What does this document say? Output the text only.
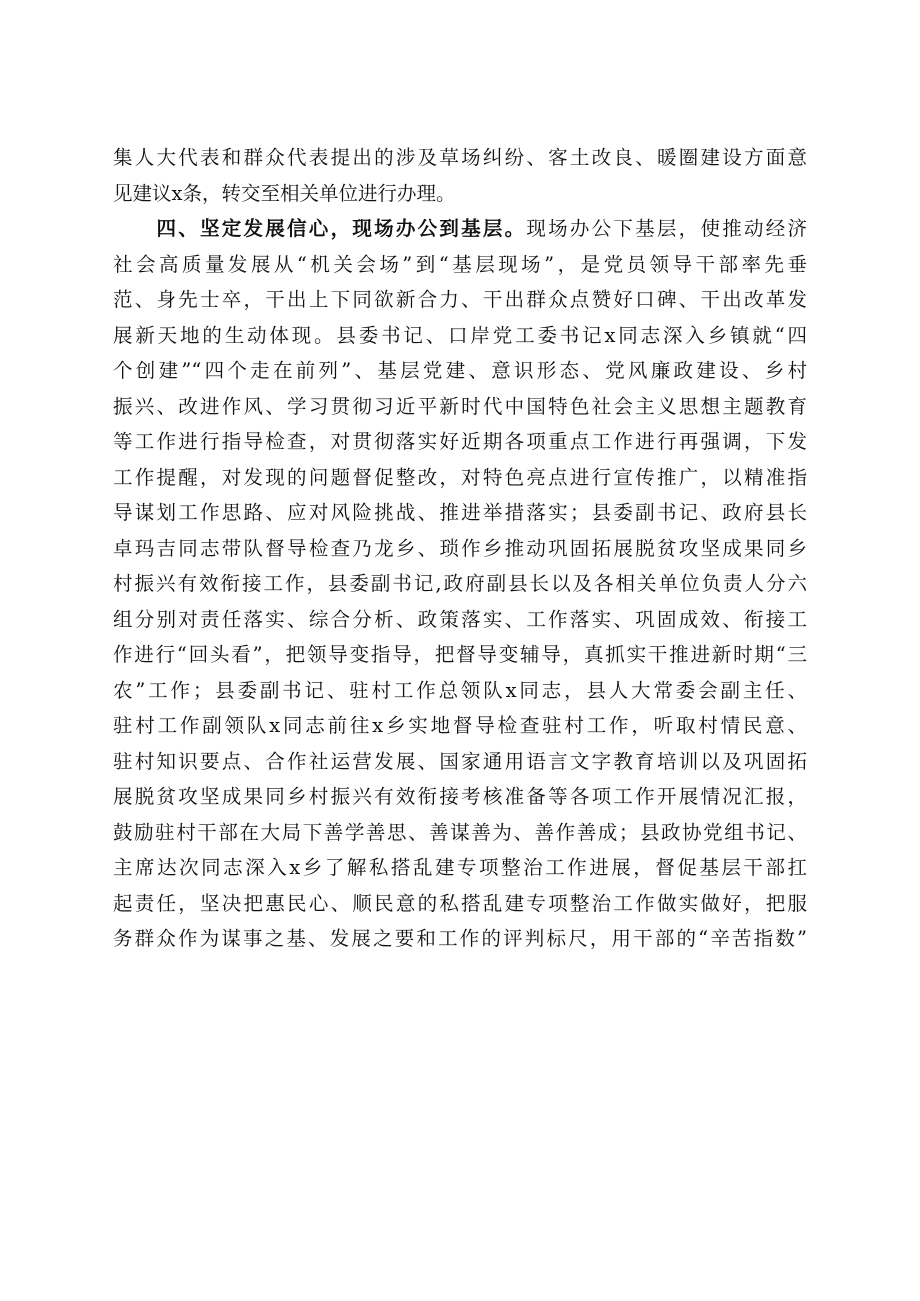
集人大代表和群众代表提出的涉及草场纠纷、客土改良、暖圈建设方面意
见建议x条，转交至相关单位进行办理。
　　四、坚定发展信心，现场办公到基层。现场办公下基层，使推动经济
社会高质量发展从“机关会场”到“基层现场”，是党员领导干部率先垂
范、身先士卒，干出上下同欲新合力、干出群众点赞好口碑、干出改革发
展新天地的生动体现。县委书记、口岸党工委书记x同志深入乡镇就“四
个创建”“四个走在前列”、基层党建、意识形态、党风廉政建设、乡村
振兴、改进作风、学习贯彻习近平新时代中国特色社会主义思想主题教育
等工作进行指导检查，对贯彻落实好近期各项重点工作进行再强调，下发
工作提醒，对发现的问题督促整改，对特色亮点进行宣传推广，以精准指
导谋划工作思路、应对风险挑战、推进举措落实；县委副书记、政府县长
卓玛吉同志带队督导检查乃龙乡、琐作乡推动巩固拓展脱贫攻坚成果同乡
村振兴有效衔接工作，县委副书记,政府副县长以及各相关单位负责人分六
组分别对责任落实、综合分析、政策落实、工作落实、巩固成效、衔接工
作进行“回头看”，把领导变指导，把督导变辅导，真抓实干推进新时期“三
农”工作；县委副书记、驻村工作总领队x同志，县人大常委会副主任、
驻村工作副领队x同志前往x乡实地督导检查驻村工作，听取村情民意、
驻村知识要点、合作社运营发展、国家通用语言文字教育培训以及巩固拓
展脱贫攻坚成果同乡村振兴有效衔接考核准备等各项工作开展情况汇报，
鼓励驻村干部在大局下善学善思、善谋善为、善作善成；县政协党组书记、
主席达次同志深入x乡了解私搭乱建专项整治工作进展，督促基层干部扛
起责任，坚决把惠民心、顺民意的私搭乱建专项整治工作做实做好，把服
务群众作为谋事之基、发展之要和工作的评判标尺，用干部的“辛苦指数”
